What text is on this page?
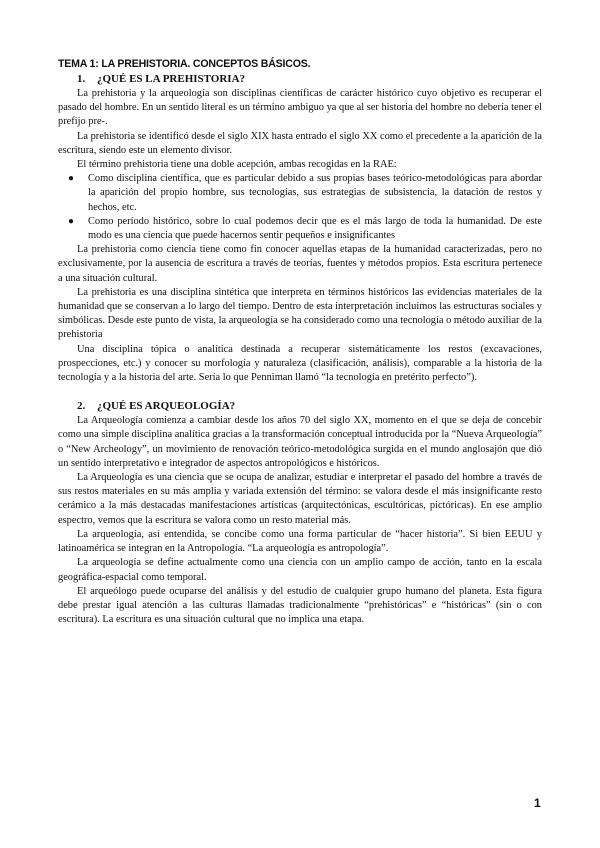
TEMA 1: LA PREHISTORIA. CONCEPTOS BÁSICOS.
1.	¿QUÉ ES LA PREHISTORIA?

La prehistoria y la arqueología son disciplinas científicas de carácter histórico cuyo objetivo es recuperar el pasado del hombre. En un sentido literal es un término ambiguo ya que al ser historia del hombre no debería tener el prefijo pre-.

La prehistoria se identificó desde el siglo XIX hasta entrado el siglo XX como el precedente a la aparición de la escritura, siendo este un elemento divisor.

El término prehistoria tiene una doble acepción, ambas recogidas en la RAE:

● Como disciplina científica, que es particular debido a sus propias bases teórico-metodológicas para abordar la aparición del propio hombre, sus tecnologías, sus estrategias de subsistencia, la datación de restos y hechos, etc.
● Como período histórico, sobre lo cual podemos decir que es el más largo de toda la humanidad. De este modo es una ciencia que puede hacernos sentir pequeños e insignificantes

La prehistoria como ciencia tiene como fin conocer aquellas etapas de la humanidad caracterizadas, pero no exclusivamente, por la ausencia de escritura a través de teorías, fuentes y métodos propios. Esta escritura pertenece a una situación cultural.

La prehistoria es una disciplina sintética que interpreta en términos históricos las evidencias materiales de la humanidad que se conservan a lo largo del tiempo. Dentro de esta interpretación incluimos las estructuras sociales y simbólicas. Desde este punto de vista, la arqueología se ha considerado como una tecnología o método auxiliar de la prehistoria

Una disciplina tópica o analítica destinada a recuperar sistemáticamente los restos (excavaciones, prospecciones, etc.) y conocer su morfología y naturaleza (clasificación, análisis), comparable a la historia de la tecnología y a la historia del arte. Sería lo que Penniman llamó “la tecnología en pretérito perfecto”).

2.	¿QUÉ ES ARQUEOLOGÍA?

La Arqueología comienza a cambiar desde los años 70 del siglo XX, momento en el que se deja de concebir como una simple disciplina analítica gracias a la transformación conceptual introducida por la “Nueva Arqueología” o “New Archeology”, un movimiento de renovación teórico-metodológica surgida en el mundo anglosajón que dió un sentido interpretativo e integrador de aspectos antropológicos e históricos.

La Arqueología es una ciencia que se ocupa de analizar, estudiar e interpretar el pasado del hombre a través de sus restos materiales en su más amplia y variada extensión del término: se valora desde el más insignificante resto cerámico a la más destacadas manifestaciones artísticas (arquitectónicas, escultóricas, pictóricas). En ese amplio espectro, vemos que la escritura se valora como un resto material más.

La arqueología, así entendida, se concibe como una forma particular de “hacer historia”. Si bien EEUU y latinoamérica se integran en la Antropología. “La arqueología es antropología”.

La arqueología se define actualmente como una ciencia con un amplio campo de acción, tanto en la escala geográfica-espacial como temporal.

El arqueólogo puede ocuparse del análisis y del estudio de cualquier grupo humano del planeta. Esta figura debe prestar igual atención a las culturas llamadas tradicionalmente “prehistóricas” e “históricas” (sin o con escritura). La escritura es una situación cultural que no implica una etapa.

1
